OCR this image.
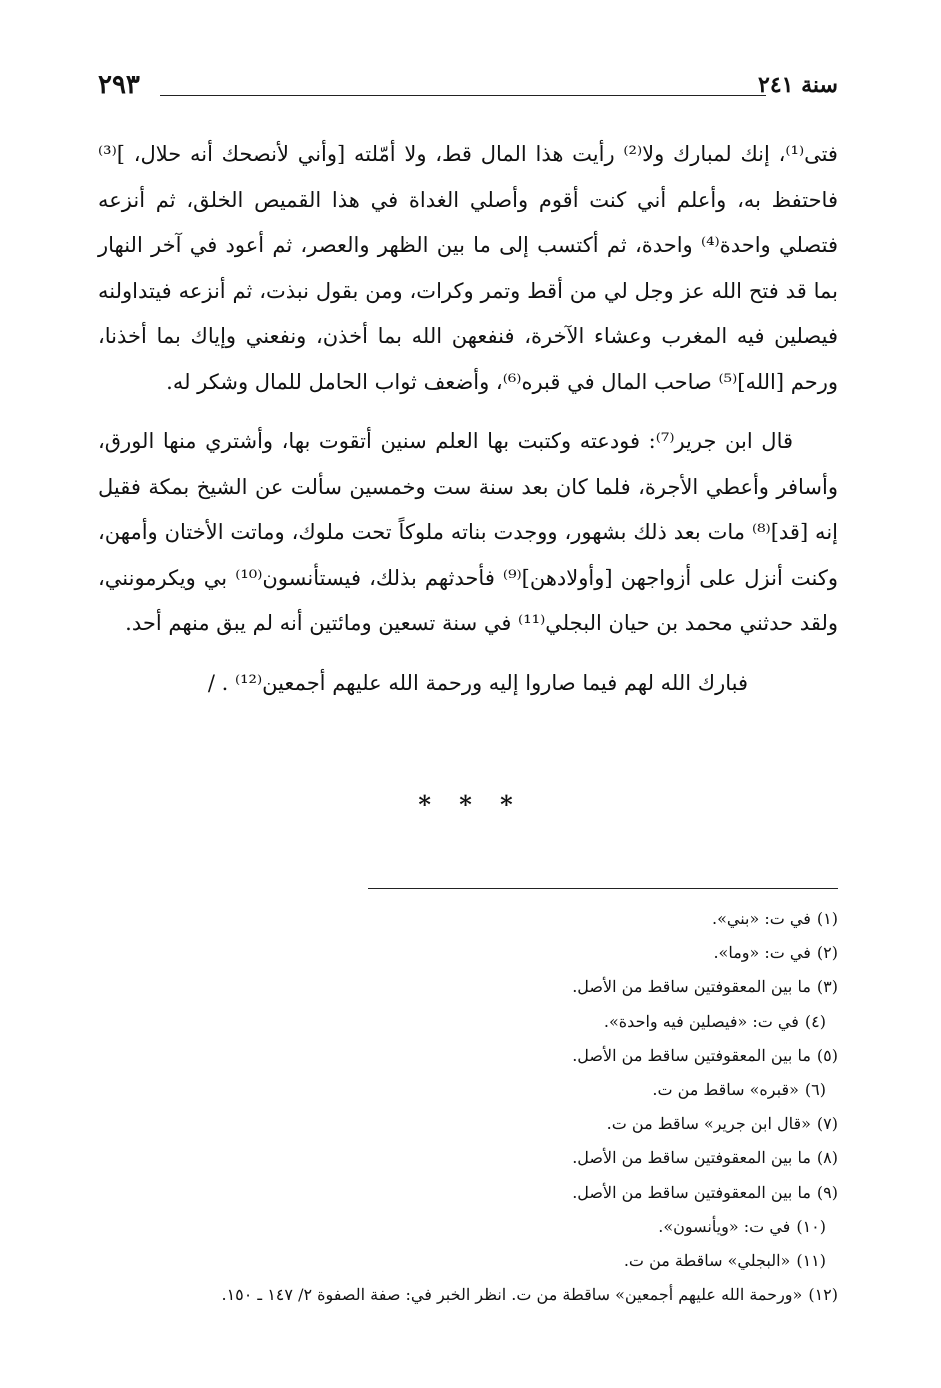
سنة ٢٤١
٢٩٣

فتى⁽¹⁾، إنك لمبارك ولا⁽²⁾ رأيت هذا المال قط، ولا أمّلته [وأني لأنصحك أنه حلال، ]⁽³⁾ فاحتفظ به، وأعلم أني كنت أقوم وأصلي الغداة في هذا القميص الخلق، ثم أنزعه فتصلي واحدة⁽⁴⁾ واحدة، ثم أكتسب إلى ما بين الظهر والعصر، ثم أعود في آخر النهار بما قد فتح الله عز وجل لي من أقط وتمر وكرات، ومن بقول نبذت، ثم أنزعه فيتداولنه فيصلين فيه المغرب وعشاء الآخرة، فنفعهن الله بما أخذن، ونفعني وإياك بما أخذنا، ورحم [الله]⁽⁵⁾ صاحب المال في قبره⁽⁶⁾، وأضعف ثواب الحامل للمال وشكر له.

قال ابن جرير⁽⁷⁾: فودعته وكتبت بها العلم سنين أتقوت بها، وأشتري منها الورق، وأسافر وأعطي الأجرة، فلما كان بعد سنة ست وخمسين سألت عن الشيخ بمكة فقيل إنه [قد]⁽⁸⁾ مات بعد ذلك بشهور، ووجدت بناته ملوكاً تحت ملوك، وماتت الأختان وأمهن، وكنت أنزل على أزواجهن [وأولادهن]⁽⁹⁾ فأحدثهم بذلك، فيستأنسون⁽¹⁰⁾ بي ويكرمونني، ولقد حدثني محمد بن حيان البجلي⁽¹¹⁾ في سنة تسعين ومائتين أنه لم يبق منهم أحد.

فبارك الله لهم فيما صاروا إليه ورحمة الله عليهم أجمعين⁽¹²⁾ . /

* * *
(١)في ت: «بني».
(٢)في ت: «وما».
(٣)ما بين المعقوفتين ساقط من الأصل.
(٤)في ت: «فيصلين فيه واحدة».
(٥)ما بين المعقوفتين ساقط من الأصل.
(٦)«قبره» ساقط من ت.
(٧)«قال ابن جرير» ساقط من ت.
(٨)ما بين المعقوفتين ساقط من الأصل.
(٩)ما بين المعقوفتين ساقط من الأصل.
(١٠)في ت: «ويأنسون».
(١١)«البجلي» ساقطة من ت.
(١٢)«ورحمة الله عليهم أجمعين» ساقطة من ت. انظر الخبر في: صفة الصفوة ٢/ ١٤٧ ـ ١٥٠.
